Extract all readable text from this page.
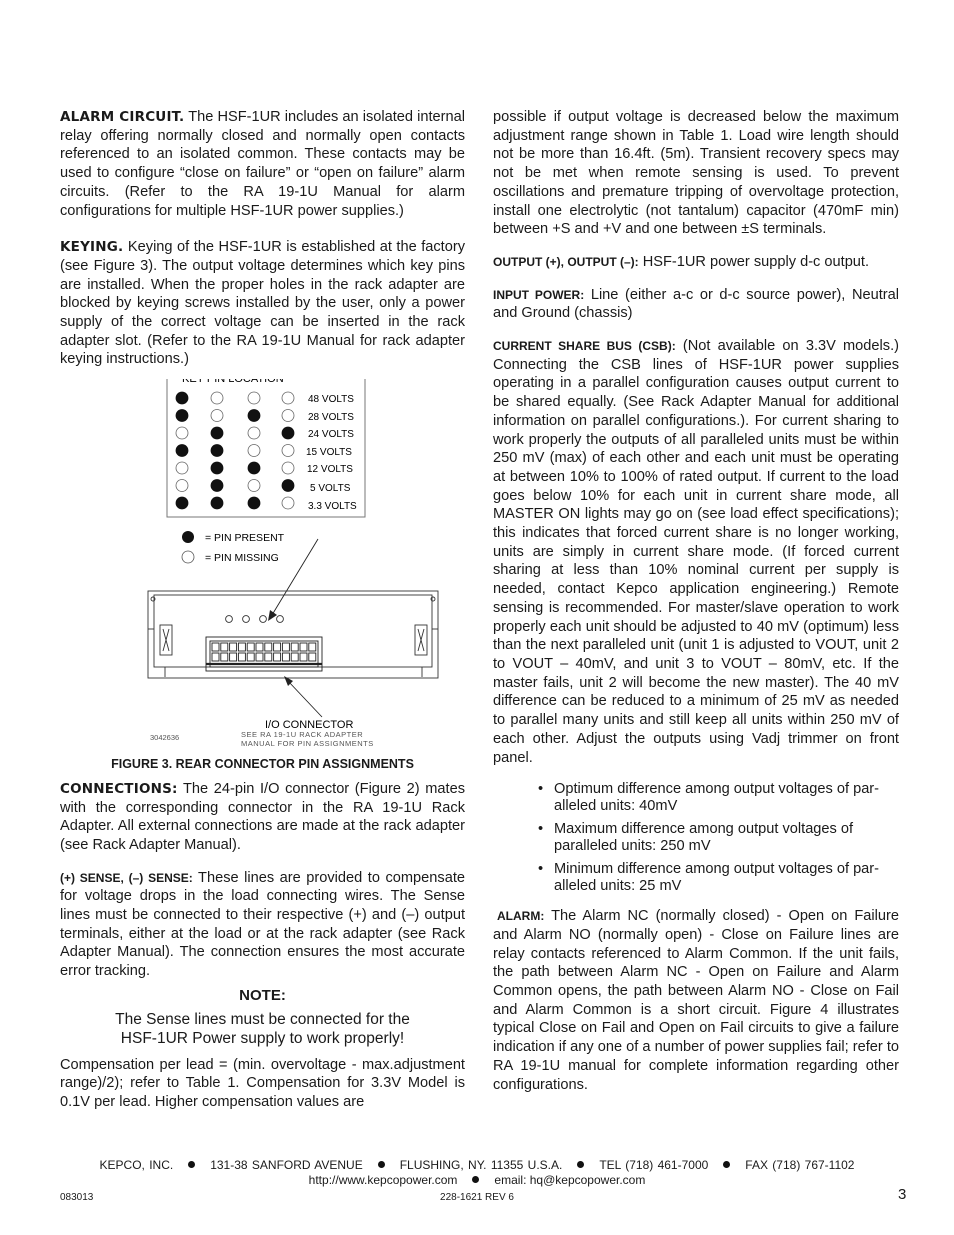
ALARM CIRCUIT. The HSF-1UR includes an isolated internal relay offering normally closed and normally open contacts referenced to an isolated common. These contacts may be used to configure “close on failure” or “open on failure” alarm circuits. (Refer to the RA 19-1U Manual for alarm configurations for multiple HSF-1UR power supplies.)

KEYING. Keying of the HSF-1UR is established at the factory (see Figure 3). The output voltage determines which key pins are installed. When the proper holes in the rack adapter are blocked by keying screws installed by the user, only a power supply of the correct voltage can be inserted in the rack adapter slot. (Refer to the RA 19-1U Manual for rack adapter keying instructions.)

KEY PIN LOCATION
48 VOLTS
28 VOLTS
24 VOLTS
15 VOLTS
12 VOLTS
5 VOLTS
3.3 VOLTS
= PIN PRESENT
= PIN MISSING
I/O CONNECTOR
SEE RA 19-1U RACK ADAPTER
MANUAL FOR PIN ASSIGNMENTS
3042636
FIGURE 3. REAR CONNECTOR PIN ASSIGNMENTS

CONNECTIONS: The 24-pin I/O connector (Figure 2) mates with the corresponding connector in the RA 19-1U Rack Adapter. All external connections are made at the rack adapter (see Rack Adapter Manual).

(+) SENSE, (–) SENSE: These lines are provided to compensate for voltage drops in the load connecting wires. The Sense lines must be connected to their respective (+) and (–) output terminals, either at the load or at the rack adapter (see Rack Adapter Manual). The connection ensures the most accurate error tracking.

NOTE:
The Sense lines must be connected for the
HSF-1UR Power supply to work properly!

Compensation per lead = (min. overvoltage - max.adjustment range)/2); refer to Table 1. Compensation for 3.3V Model is 0.1V per lead. Higher compensation values are

possible if output voltage is decreased below the maximum adjustment range shown in Table 1. Load wire length should not be more than 16.4ft. (5m). Transient recovery specs may not be met when remote sensing is used. To prevent oscillations and premature tripping of overvoltage protection, install one electrolytic (not tantalum) capacitor (470mF min) between +S and +V and one between ±S terminals.

OUTPUT (+), OUTPUT (–): HSF-1UR power supply d-c output.

INPUT POWER: Line (either a-c or d-c source power), Neutral and Ground (chassis)

CURRENT SHARE BUS (CSB): (Not available on 3.3V models.) Connecting the CSB lines of HSF-1UR power supplies operating in a parallel configuration causes output current to be shared equally. (See Rack Adapter Manual for additional information on parallel configurations.). For current sharing to work properly the outputs of all paralleled units must be within 250 mV (max) of each other and each unit must be operating at between 10% to 100% of rated output. If current to the load goes below 10% for each unit in current share mode, all MASTER ON lights may go on (see load effect specifications); this indicates that forced current share is no longer working, units are simply in current share mode. (If forced current sharing at less than 10% nominal current per supply is needed, contact Kepco application engineering.) Remote sensing is recommended. For master/slave operation to work properly each unit should be adjusted to 40 mV (optimum) less than the next paralleled unit (unit 1 is adjusted to VOUT, unit 2 to VOUT – 40mV, and unit 3 to VOUT – 80mV, etc. If the master fails, unit 2 will become the new master). The 40 mV difference can be reduced to a minimum of 25 mV as needed to parallel many units and still keep all units within 250 mV of each other. Adjust the outputs using Vadj trimmer on front panel.

• Optimum difference among output voltages of par-
alleled units: 40mV
• Maximum difference among output voltages of
paralleled units: 250 mV
• Minimum difference among output voltages of par-
alleled units: 25 mV

ALARM: The Alarm NC (normally closed) - Open on Failure and Alarm NO (normally open) - Close on Failure lines are relay contacts referenced to Alarm Common. If the unit fails, the path between Alarm NC - Open on Failure and Alarm Common opens, the path between Alarm NO - Close on Fail and Alarm Common is a short circuit. Figure 4 illustrates typical Close on Fail and Open on Fail circuits to give a failure indication if any one of a number of power supplies fail; refer to RA 19-1U manual for complete information regarding other configurations.

KEPCO, INC.	131-38 SANFORD AVENUE	FLUSHING, NY. 11355 U.S.A.	TEL (718) 461-7000	FAX (718) 767-1102
http://www.kepcopower.com	email: hq@kepcopower.com
083013	228-1621 REV 6	3
